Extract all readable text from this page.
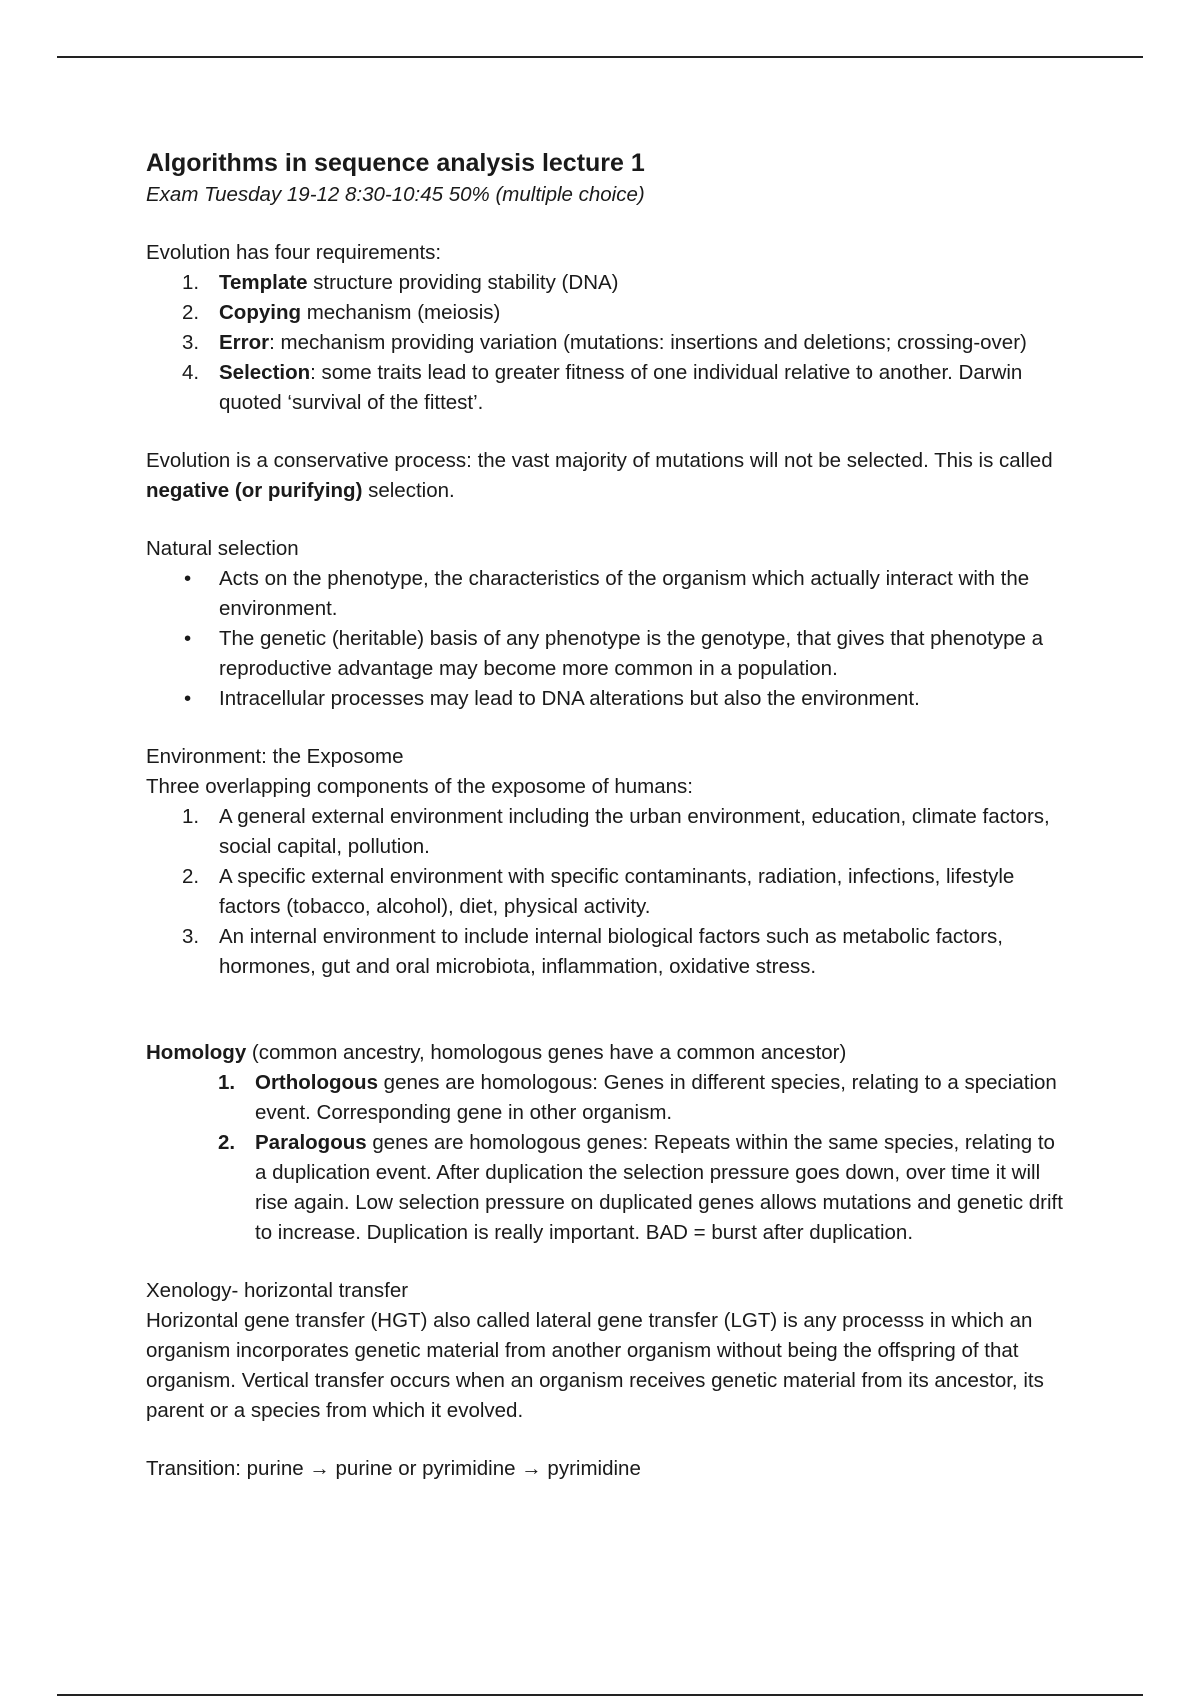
Algorithms in sequence analysis lecture 1

Exam Tuesday 19-12 8:30-10:45 50% (multiple choice)

Evolution has four requirements:

1. Template structure providing stability (DNA)
2. Copying mechanism (meiosis)
3. Error: mechanism providing variation (mutations: insertions and deletions; crossing-over)
4. Selection: some traits lead to greater fitness of one individual relative to another. Darwin quoted ‘survival of the fittest’.

Evolution is a conservative process: the vast majority of mutations will not be selected. This is called negative (or purifying) selection.

Natural selection

• Acts on the phenotype, the characteristics of the organism which actually interact with the environment.
• The genetic (heritable) basis of any phenotype is the genotype, that gives that phenotype a reproductive advantage may become more common in a population.
• Intracellular processes may lead to DNA alterations but also the environment.

Environment: the Exposome

Three overlapping components of the exposome of humans:

1. A general external environment including the urban environment, education, climate factors, social capital, pollution.
2. A specific external environment with specific contaminants, radiation, infections, lifestyle factors (tobacco, alcohol), diet, physical activity.
3. An internal environment to include internal biological factors such as metabolic factors, hormones, gut and oral microbiota, inflammation, oxidative stress.

Homology (common ancestry, homologous genes have a common ancestor)

1. Orthologous genes are homologous: Genes in different species, relating to a speciation event. Corresponding gene in other organism.
2. Paralogous genes are homologous genes: Repeats within the same species, relating to a duplication event. After duplication the selection pressure goes down, over time it will rise again. Low selection pressure on duplicated genes allows mutations and genetic drift to increase. Duplication is really important. BAD = burst after duplication.

Xenology- horizontal transfer

Horizontal gene transfer (HGT) also called lateral gene transfer (LGT) is any processs in which an organism incorporates genetic material from another organism without being the offspring of that organism. Vertical transfer occurs when an organism receives genetic material from its ancestor, its parent or a species from which it evolved.

Transition: purine → purine or pyrimidine → pyrimidine
